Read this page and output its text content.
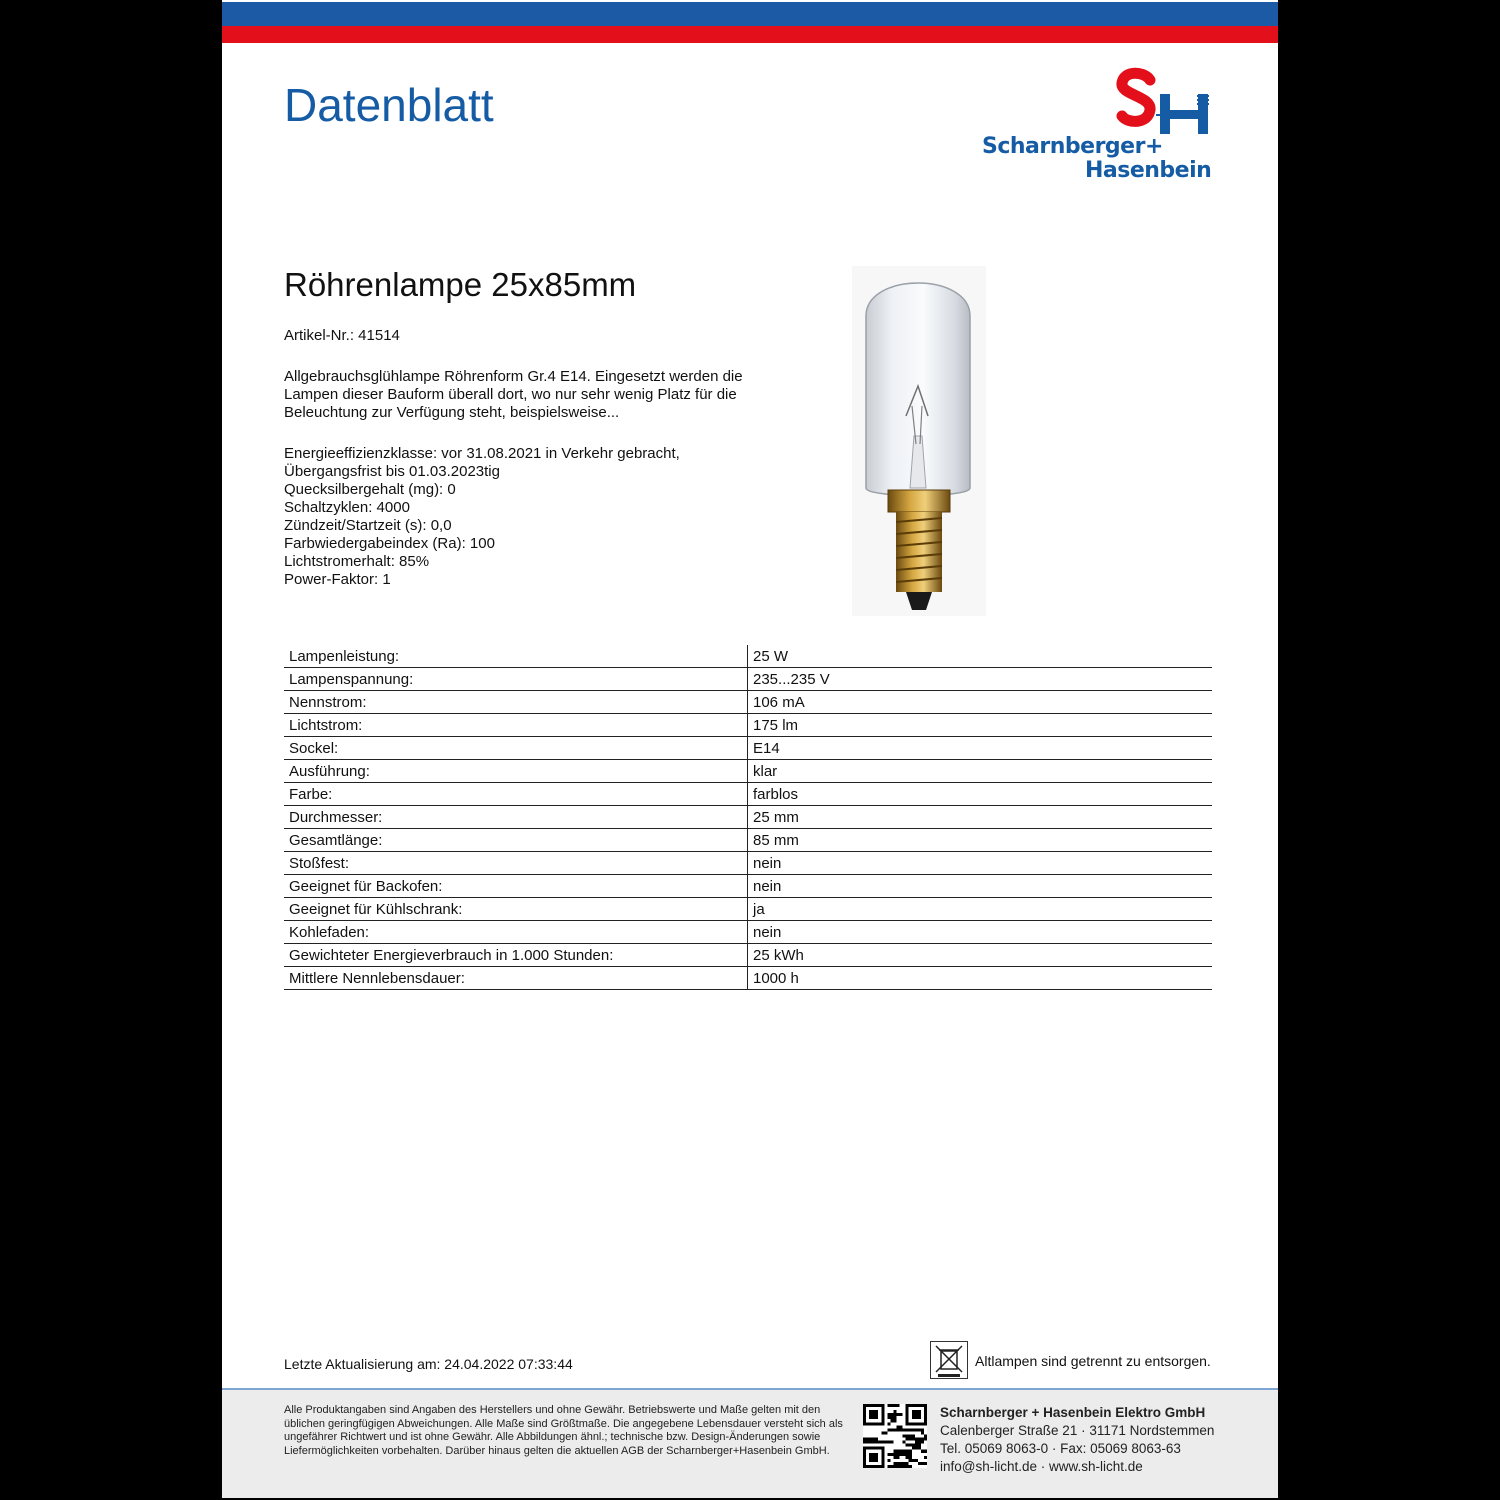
Datenblatt
Scharnberger+
Hasenbein
Röhrenlampe 25x85mm
Artikel-Nr.: 41514
Allgebrauchsglühlampe Röhrenform Gr.4 E14. Eingesetzt werden die Lampen dieser Bauform überall dort, wo nur sehr wenig Platz für die Beleuchtung zur Verfügung steht, beispielsweise...
Energieeffizienzklasse: vor 31.08.2021 in Verkehr gebracht,
Übergangsfrist bis 01.03.2023tig
Quecksilbergehalt (mg): 0
Schaltzyklen: 4000
Zündzeit/Startzeit (s): 0,0
Farbwiedergabeindex (Ra): 100
Lichtstromerhalt: 85%
Power-Faktor: 1
Lampenleistung:	25 W
Lampenspannung:	235...235 V
Nennstrom:	106 mA
Lichtstrom:	175 lm
Sockel:	E14
Ausführung:	klar
Farbe:	farblos
Durchmesser:	25 mm
Gesamtlänge:	85 mm
Stoßfest:	nein
Geeignet für Backofen:	nein
Geeignet für Kühlschrank:	ja
Kohlefaden:	nein
Gewichteter Energieverbrauch in 1.000 Stunden:	25 kWh
Mittlere Nennlebensdauer:	1000 h
Letzte Aktualisierung am: 24.04.2022 07:33:44	Altlampen sind getrennt zu entsorgen.
Alle Produktangaben sind Angaben des Herstellers und ohne Gewähr. Betriebswerte und Maße gelten mit den üblichen geringfügigen Abweichungen. Alle Maße sind Größtmaße. Die angegebene Lebensdauer versteht sich als ungefährer Richtwert und ist ohne Gewähr. Alle Abbildungen ähnl.; technische bzw. Design-Änderungen sowie Liefermöglichkeiten vorbehalten. Darüber hinaus gelten die aktuellen AGB der Scharnberger+Hasenbein GmbH.
Scharnberger + Hasenbein Elektro GmbH
Calenberger Straße 21 · 31171 Nordstemmen
Tel. 05069 8063-0 · Fax: 05069 8063-63
info@sh-licht.de · www.sh-licht.de
